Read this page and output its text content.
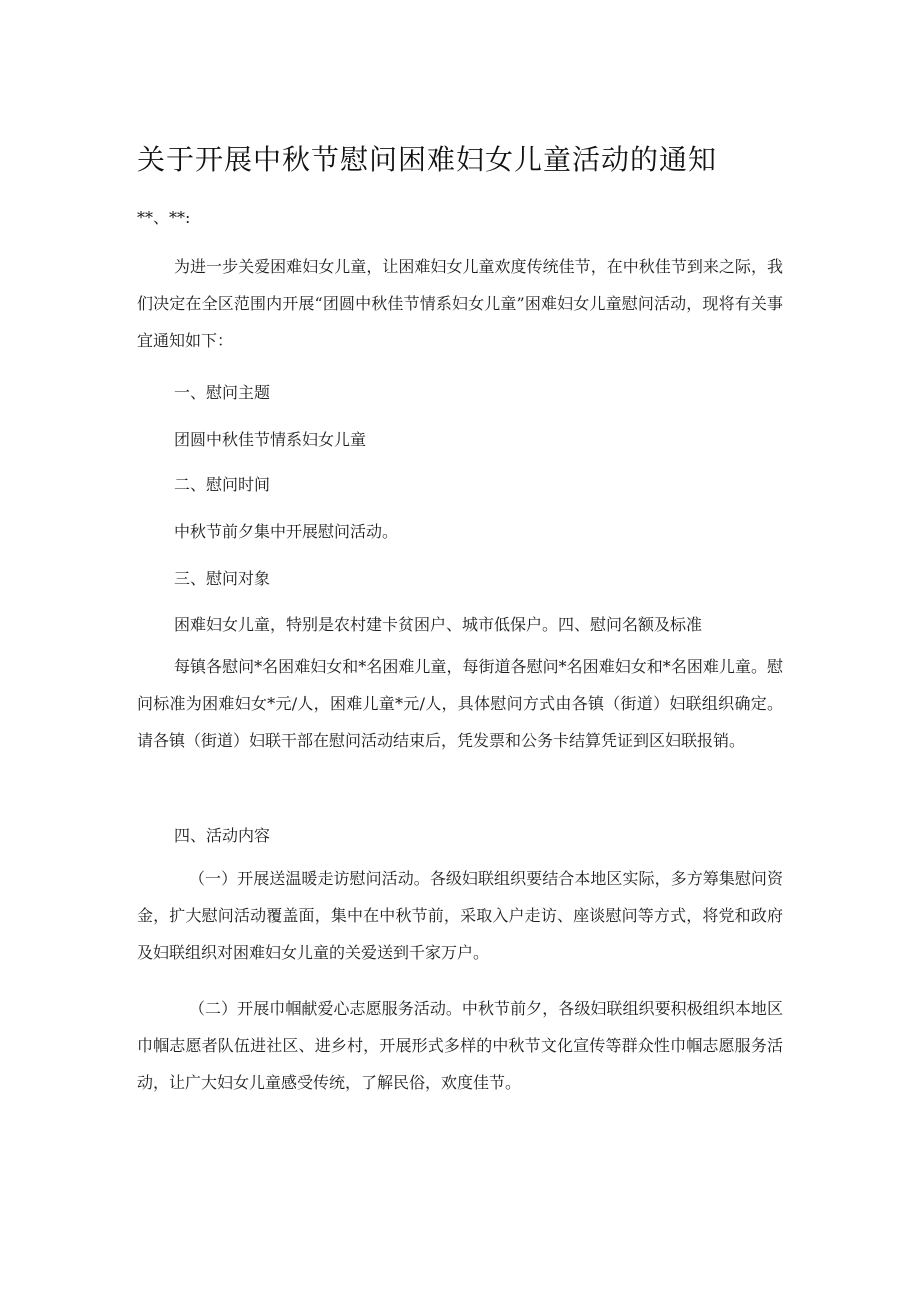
关于开展中秋节慰问困难妇女儿童活动的通知
**、**:
为进一步关爱困难妇女儿童，让困难妇女儿童欢度传统佳节，在中秋佳节到来之际，我们决定在全区范围内开展“团圆中秋佳节情系妇女儿童”困难妇女儿童慰问活动，现将有关事宜通知如下：
一、慰问主题
团圆中秋佳节情系妇女儿童
二、慰问时间
中秋节前夕集中开展慰问活动。
三、慰问对象
困难妇女儿童，特别是农村建卡贫困户、城市低保户。四、慰问名额及标准
每镇各慰问*名困难妇女和*名困难儿童，每街道各慰问*名困难妇女和*名困难儿童。慰问标准为困难妇女*元/人，困难儿童*元/人，具体慰问方式由各镇（街道）妇联组织确定。请各镇（街道）妇联干部在慰问活动结束后，凭发票和公务卡结算凭证到区妇联报销。
四、活动内容
（一）开展送温暖走访慰问活动。各级妇联组织要结合本地区实际，多方筹集慰问资金，扩大慰问活动覆盖面，集中在中秋节前，采取入户走访、座谈慰问等方式，将党和政府及妇联组织对困难妇女儿童的关爱送到千家万户。
（二）开展巾帼献爱心志愿服务活动。中秋节前夕，各级妇联组织要积极组织本地区巾帼志愿者队伍进社区、进乡村，开展形式多样的中秋节文化宣传等群众性巾帼志愿服务活动，让广大妇女儿童感受传统，了解民俗，欢度佳节。
